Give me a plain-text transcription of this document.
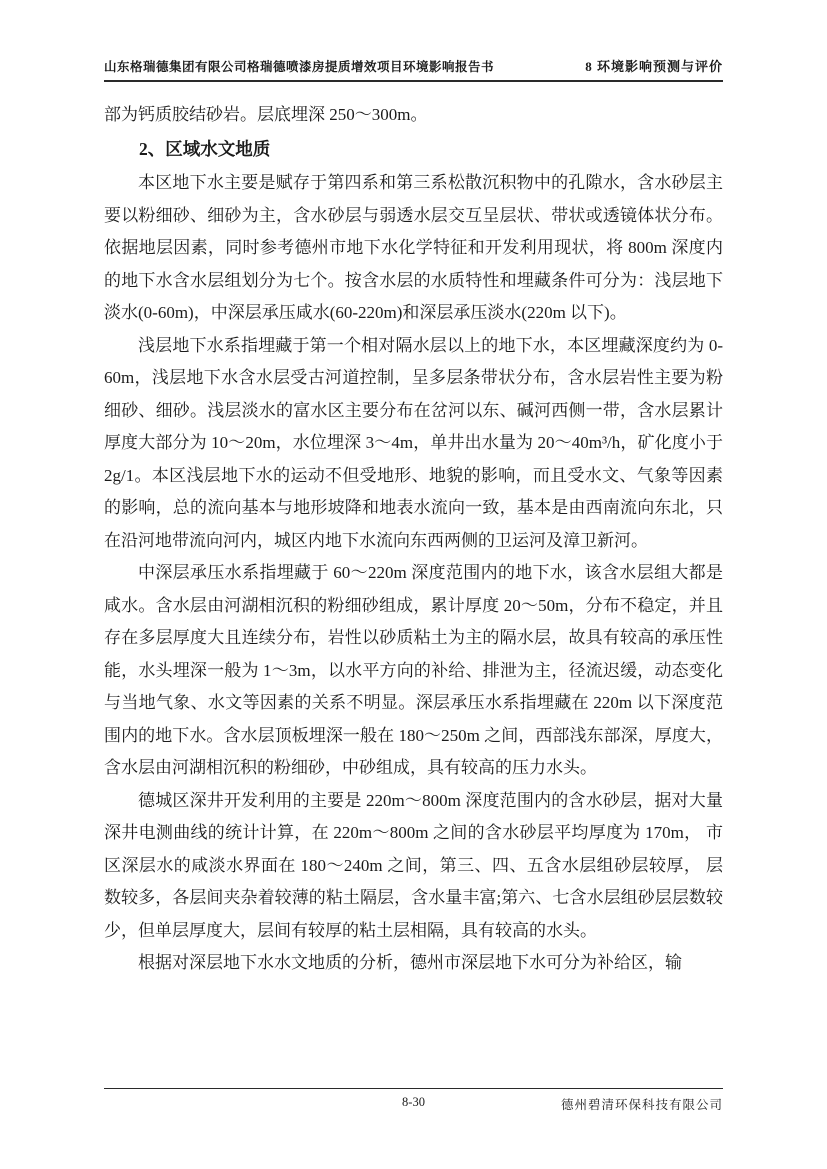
山东格瑞德集团有限公司格瑞德喷漆房提质增效项目环境影响报告书	8 环境影响预测与评价

部为钙质胶结砂岩。层底埋深 250～300m。

2、区域水文地质

本区地下水主要是赋存于第四系和第三系松散沉积物中的孔隙水，含水砂层主要以粉细砂、细砂为主，含水砂层与弱透水层交互呈层状、带状或透镜体状分布。依据地层因素，同时参考德州市地下水化学特征和开发利用现状，将 800m 深度内的地下水含水层组划分为七个。按含水层的水质特性和埋藏条件可分为：浅层地下淡水(0-60m)，中深层承压咸水(60-220m)和深层承压淡水(220m 以下)。

浅层地下水系指埋藏于第一个相对隔水层以上的地下水，本区埋藏深度约为 0- 60m，浅层地下水含水层受古河道控制，呈多层条带状分布，含水层岩性主要为粉细砂、细砂。浅层淡水的富水区主要分布在岔河以东、碱河西侧一带，含水层累计厚度大部分为 10～20m，水位埋深 3～4m，单井出水量为 20～40m³/h，矿化度小于 2g/1。本区浅层地下水的运动不但受地形、地貌的影响，而且受水文、气象等因素的影响，总的流向基本与地形坡降和地表水流向一致，基本是由西南流向东北，只在沿河地带流向河内，城区内地下水流向东西两侧的卫运河及漳卫新河。

中深层承压水系指埋藏于 60～220m 深度范围内的地下水，该含水层组大都是咸水。含水层由河湖相沉积的粉细砂组成，累计厚度 20～50m，分布不稳定，并且存在多层厚度大且连续分布，岩性以砂质粘土为主的隔水层，故具有较高的承压性能，水头埋深一般为 1～3m，以水平方向的补给、排泄为主，径流迟缓，动态变化与当地气象、水文等因素的关系不明显。深层承压水系指埋藏在 220m 以下深度范围内的地下水。含水层顶板埋深一般在 180～250m 之间，西部浅东部深，厚度大，含水层由河湖相沉积的粉细砂，中砂组成，具有较高的压力水头。

德城区深井开发利用的主要是 220m～800m 深度范围内的含水砂层，据对大量深井电测曲线的统计计算，在 220m～800m 之间的含水砂层平均厚度为 170m， 市区深层水的咸淡水界面在 180～240m 之间，第三、四、五含水层组砂层较厚， 层数较多，各层间夹杂着较薄的粘土隔层，含水量丰富;第六、七含水层组砂层层数较少，但单层厚度大，层间有较厚的粘土层相隔，具有较高的水头。

根据对深层地下水水文地质的分析，德州市深层地下水可分为补给区，输

8-30	德州碧清环保科技有限公司
